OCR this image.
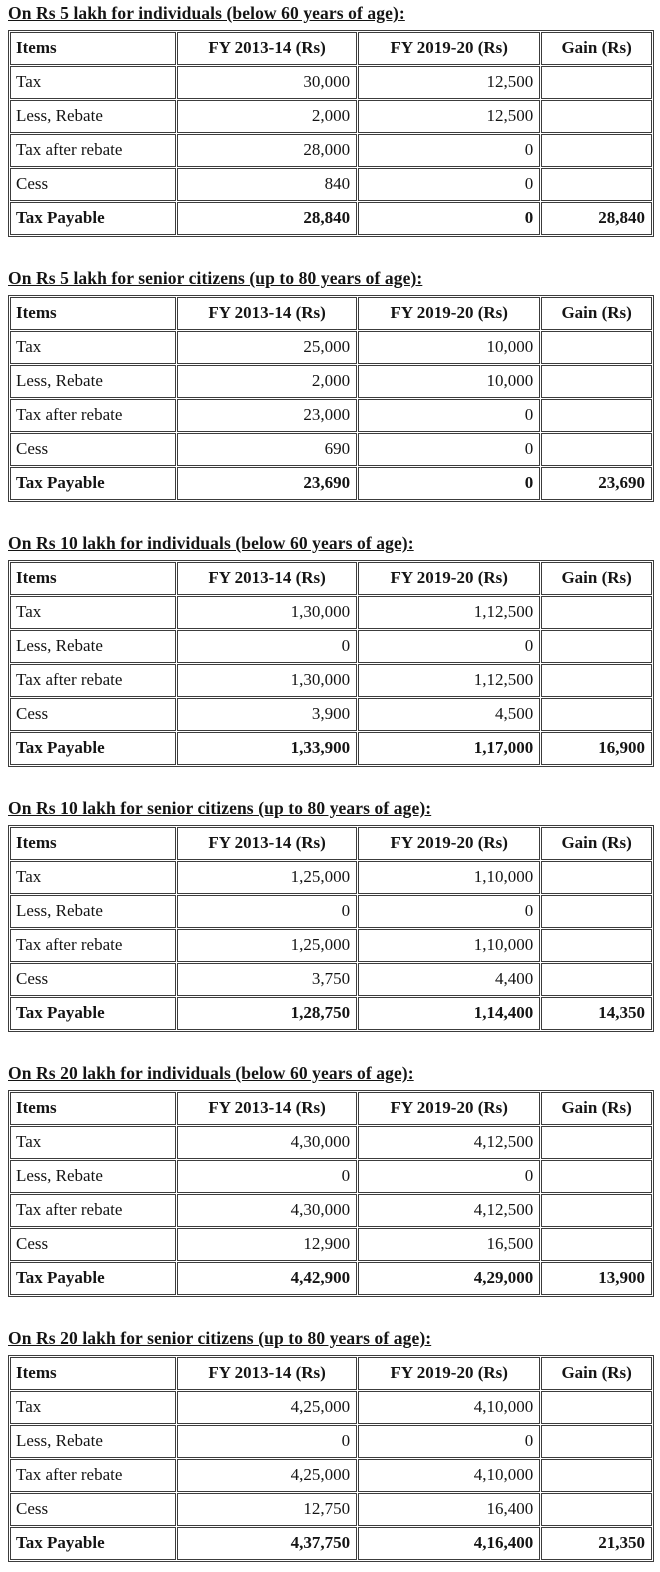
On Rs 5 lakh for individuals (below 60 years of age):
Items	FY 2013-14 (Rs)	FY 2019-20 (Rs)	Gain (Rs)
Tax	30,000	12,500	
Less, Rebate	2,000	12,500	
Tax after rebate	28,000	0	
Cess	840	0	
Tax Payable	28,840	0	28,840
On Rs 5 lakh for senior citizens (up to 80 years of age):
Items	FY 2013-14 (Rs)	FY 2019-20 (Rs)	Gain (Rs)
Tax	25,000	10,000	
Less, Rebate	2,000	10,000	
Tax after rebate	23,000	0	
Cess	690	0	
Tax Payable	23,690	0	23,690
On Rs 10 lakh for individuals (below 60 years of age):
Items	FY 2013-14 (Rs)	FY 2019-20 (Rs)	Gain (Rs)
Tax	1,30,000	1,12,500	
Less, Rebate	0	0	
Tax after rebate	1,30,000	1,12,500	
Cess	3,900	4,500	
Tax Payable	1,33,900	1,17,000	16,900
On Rs 10 lakh for senior citizens (up to 80 years of age):
Items	FY 2013-14 (Rs)	FY 2019-20 (Rs)	Gain (Rs)
Tax	1,25,000	1,10,000	
Less, Rebate	0	0	
Tax after rebate	1,25,000	1,10,000	
Cess	3,750	4,400	
Tax Payable	1,28,750	1,14,400	14,350
On Rs 20 lakh for individuals (below 60 years of age):
Items	FY 2013-14 (Rs)	FY 2019-20 (Rs)	Gain (Rs)
Tax	4,30,000	4,12,500	
Less, Rebate	0	0	
Tax after rebate	4,30,000	4,12,500	
Cess	12,900	16,500	
Tax Payable	4,42,900	4,29,000	13,900
On Rs 20 lakh for senior citizens (up to 80 years of age):
Items	FY 2013-14 (Rs)	FY 2019-20 (Rs)	Gain (Rs)
Tax	4,25,000	4,10,000	
Less, Rebate	0	0	
Tax after rebate	4,25,000	4,10,000	
Cess	12,750	16,400	
Tax Payable	4,37,750	4,16,400	21,350
